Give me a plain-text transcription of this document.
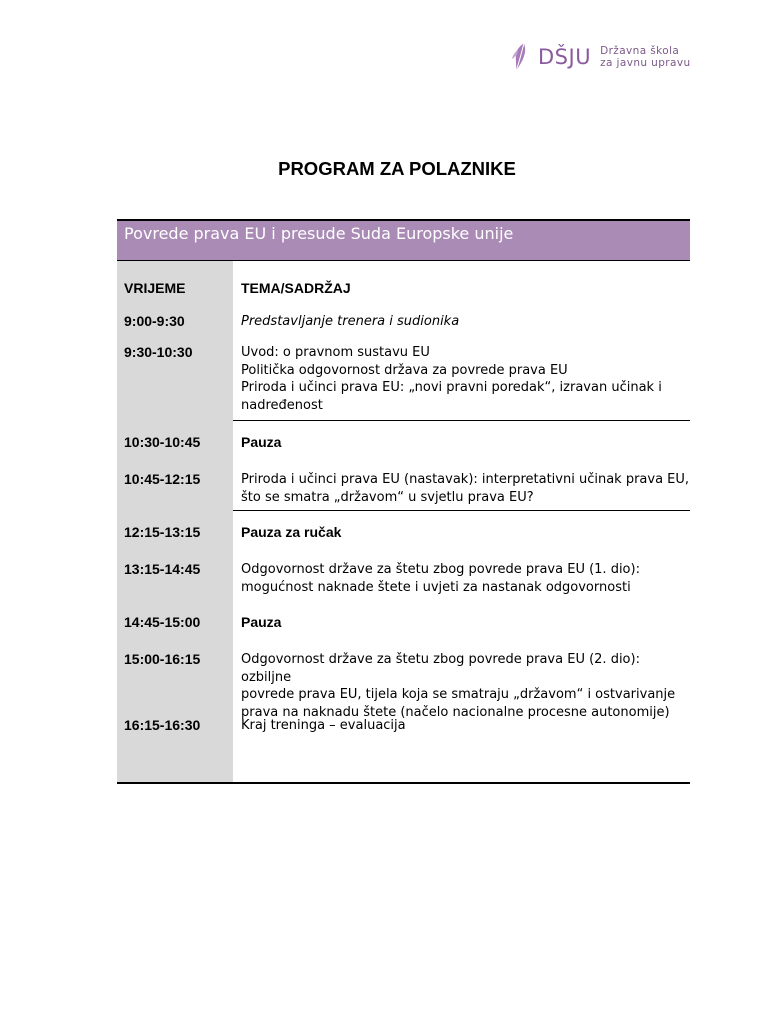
DŠJU Državna škola
za javnu upravu
PROGRAM ZA POLAZNIKE
Povrede prava EU i presude Suda Europske unije
VRIJEME
9:00-9:30
9:30-10:30
10:30-10:45
10:45-12:15
12:15-13:15
13:15-14:45
14:45-15:00
15:00-16:15
16:15-16:30
TEMA/SADRŽAJ
Predstavljanje trenera i sudionika
Uvod: o pravnom sustavu EU
Politička odgovornost država za povrede prava EU
Priroda i učinci prava EU: „novi pravni poredak“, izravan učinak i
nadređenost
Pauza
Priroda i učinci prava EU (nastavak): interpretativni učinak prava EU,
što se smatra „državom“ u svjetlu prava EU?
Pauza za ručak
Odgovornost države za štetu zbog povrede prava EU (1. dio):
mogućnost naknade štete i uvjeti za nastanak odgovornosti
Pauza
Odgovornost države za štetu zbog povrede prava EU (2. dio): ozbiljne
povrede prava EU, tijela koja se smatraju „državom“ i ostvarivanje
prava na naknadu štete (načelo nacionalne procesne autonomije)
Kraj treninga – evaluacija
